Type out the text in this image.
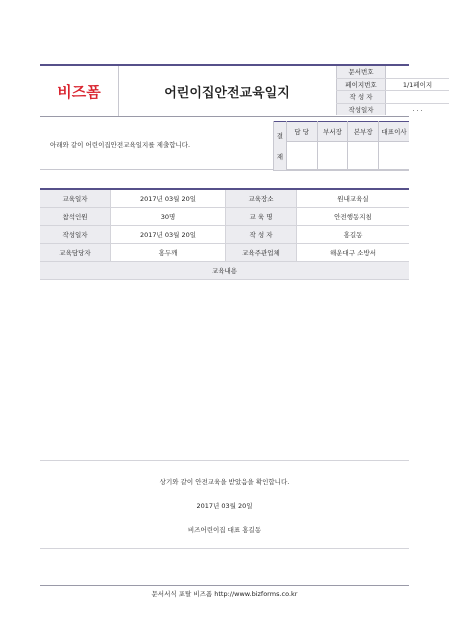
비즈폼	어린이집안전교육일지
문서번호	
페이지번호	1/1페이지
작 성 자	
작성일자	. . .
아래와 같이 어린이집안전교육일지를 제출합니다.
결
재	담 당	부서장	본부장	대표이사

교육일자	2017년 03월 20일	교육장소	원내교육실
참석인원	30명	교 육 명	안전행동지침
작성일자	2017년 03월 20일	작 성 자	홍길동
교육담당자	홍두깨	교육주관업체	해운대구 소방서
교육내용			
상기와 같이 안전교육을 받았음을 확인합니다.
2017년 03월 20일
비즈어린이집 대표 홍길동
문서서식 포탈 비즈폼 http://www.bizforms.co.kr
